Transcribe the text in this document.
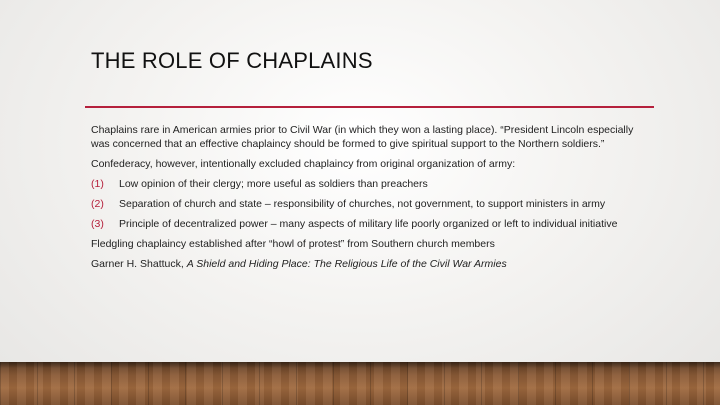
THE ROLE OF CHAPLAINS

Chaplains rare in American armies prior to Civil War (in which they won a lasting place). “President Lincoln especially was concerned that an effective chaplaincy should be formed to give spiritual support to the Northern soldiers.”

Confederacy, however, intentionally excluded chaplaincy from original organization of army:

(1) Low opinion of their clergy; more useful as soldiers than preachers
(2) Separation of church and state – responsibility of churches, not government, to support ministers in army
(3) Principle of decentralized power – many aspects of military life poorly organized or left to individual initiative

Fledgling chaplaincy established after “howl of protest” from Southern church members

Garner H. Shattuck, A Shield and Hiding Place: The Religious Life of the Civil War Armies
